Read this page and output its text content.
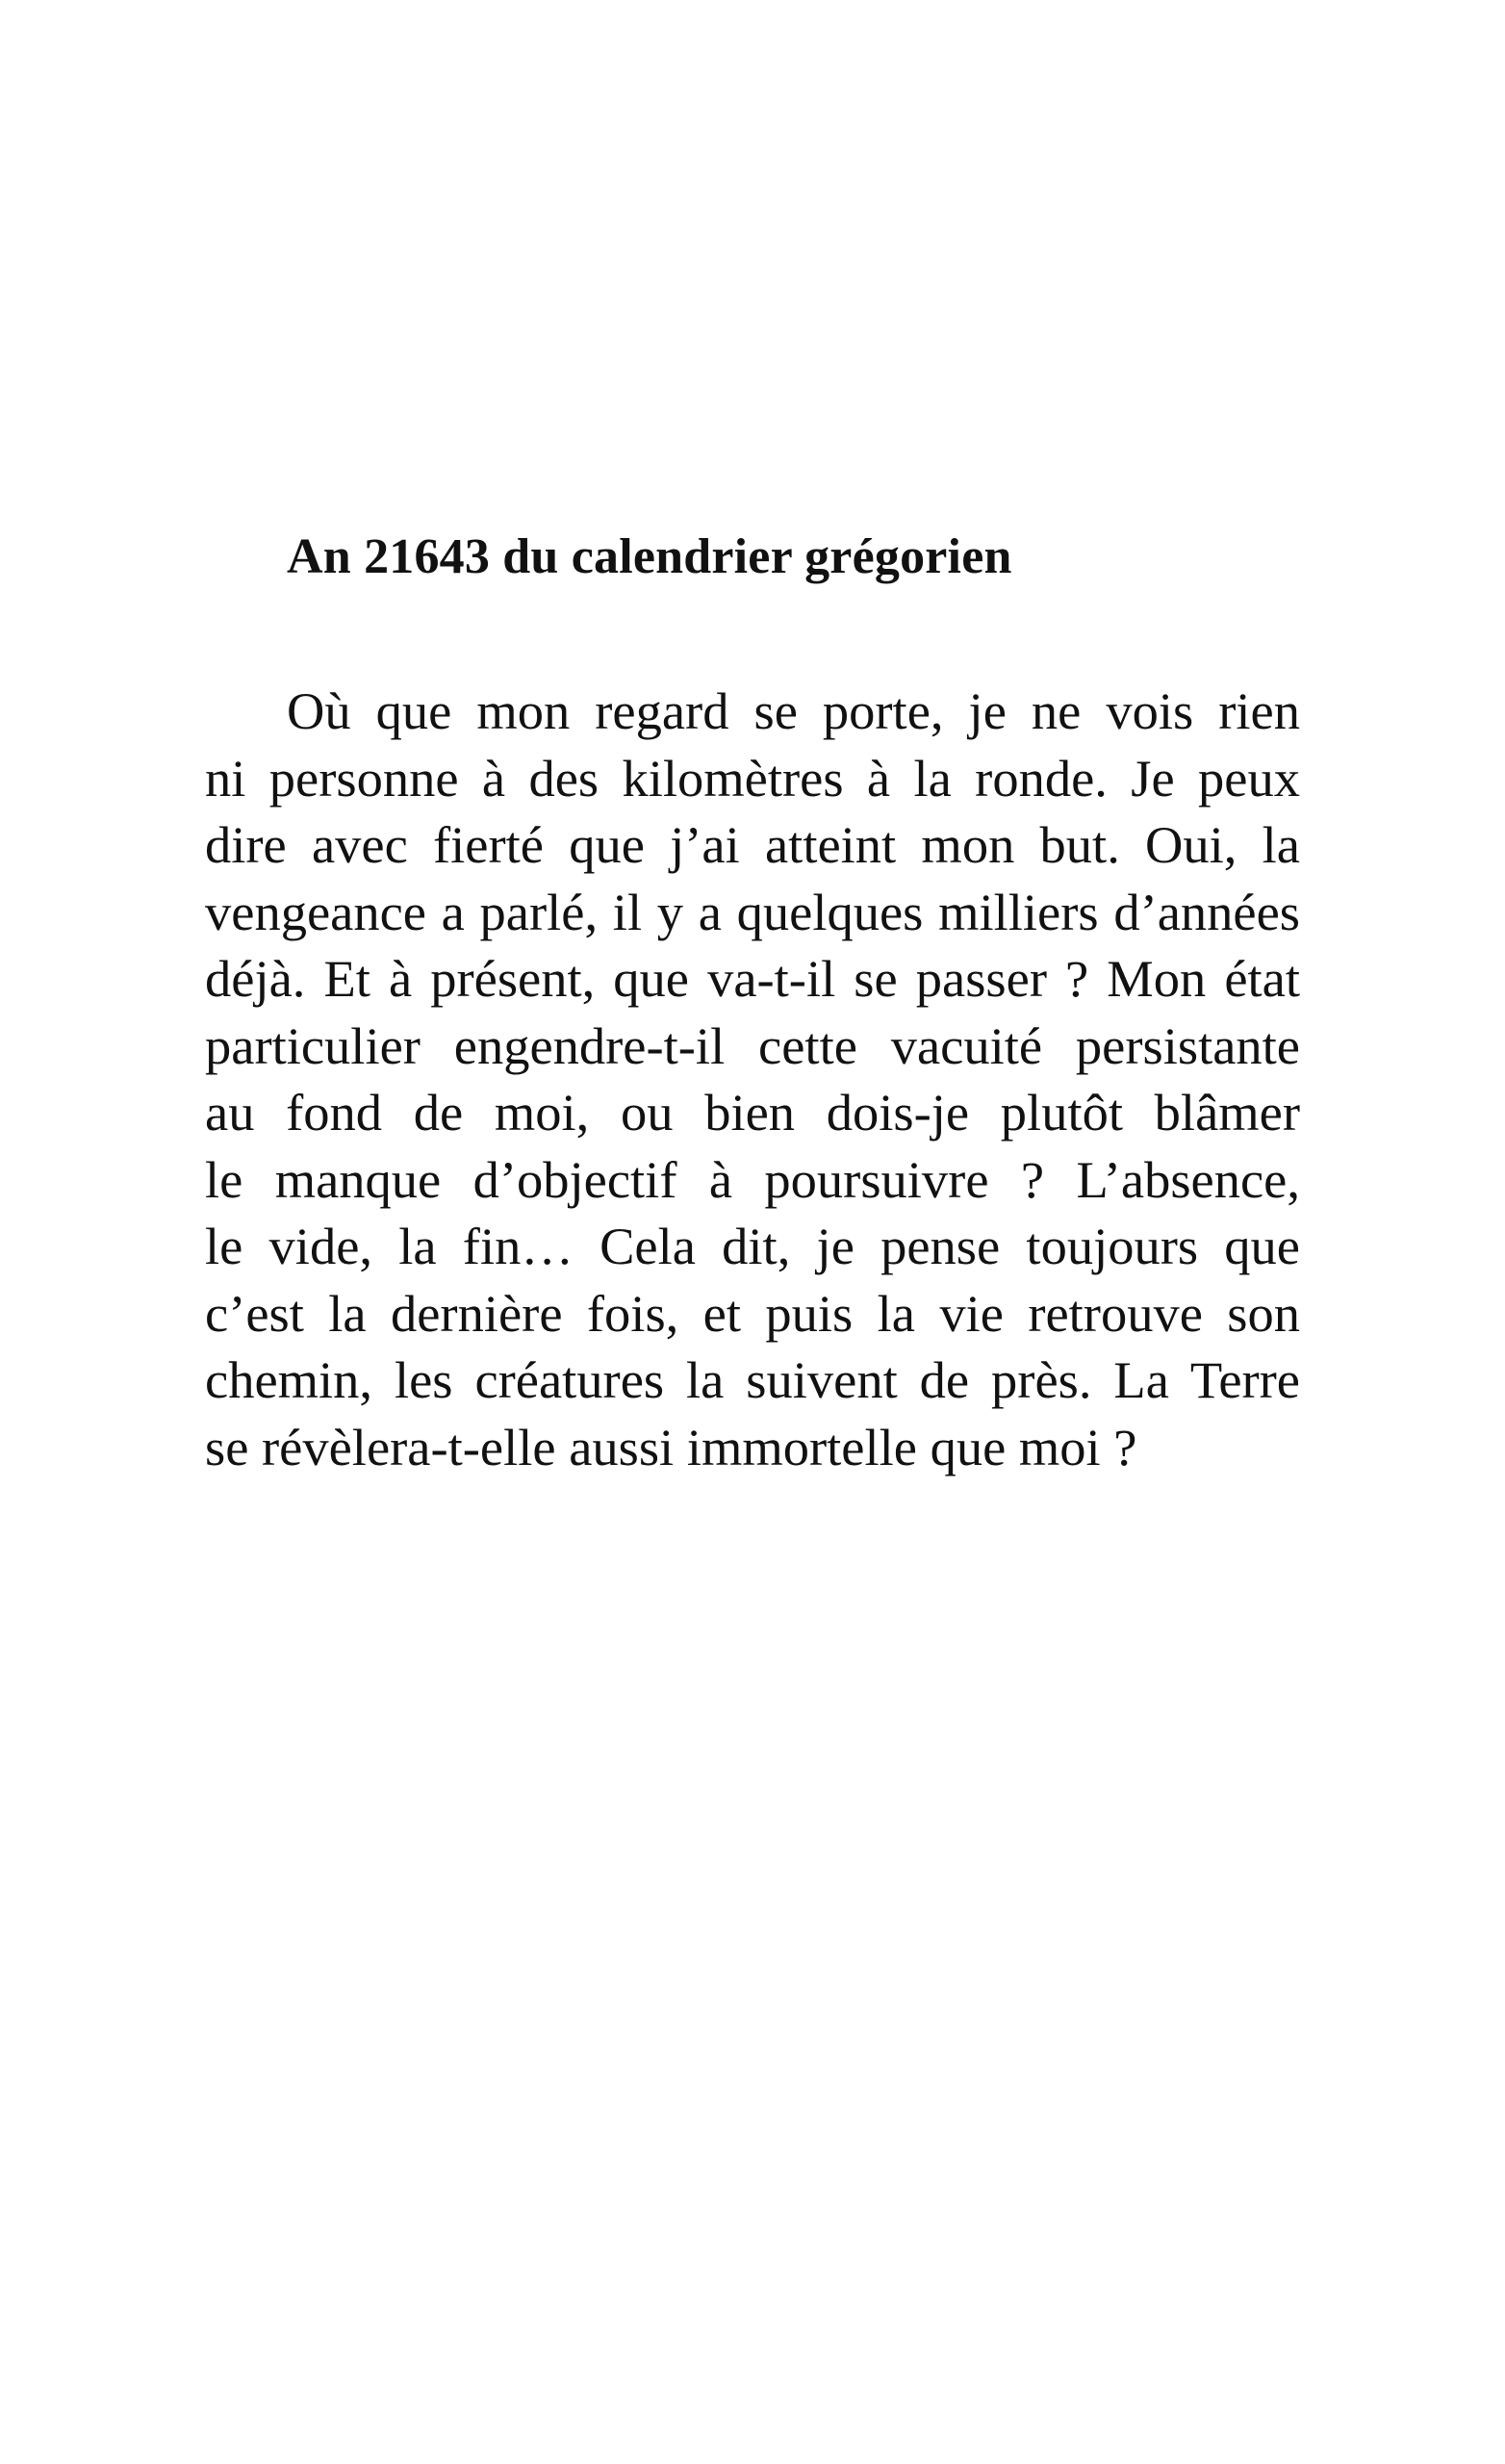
An 21643 du calendrier grégorien

Où que mon regard se porte, je ne vois rien
ni personne à des kilomètres à la ronde. Je peux
dire avec fierté que j’ai atteint mon but. Oui, la
vengeance a parlé, il y a quelques milliers d’années
déjà. Et à présent, que va-t-il se passer ? Mon état
particulier engendre-t-il cette vacuité persistante
au fond de moi, ou bien dois-je plutôt blâmer
le manque d’objectif à poursuivre ? L’absence,
le vide, la fin… Cela dit, je pense toujours que
c’est la dernière fois, et puis la vie retrouve son
chemin, les créatures la suivent de près. La Terre
se révèlera-t-elle aussi immortelle que moi ?
